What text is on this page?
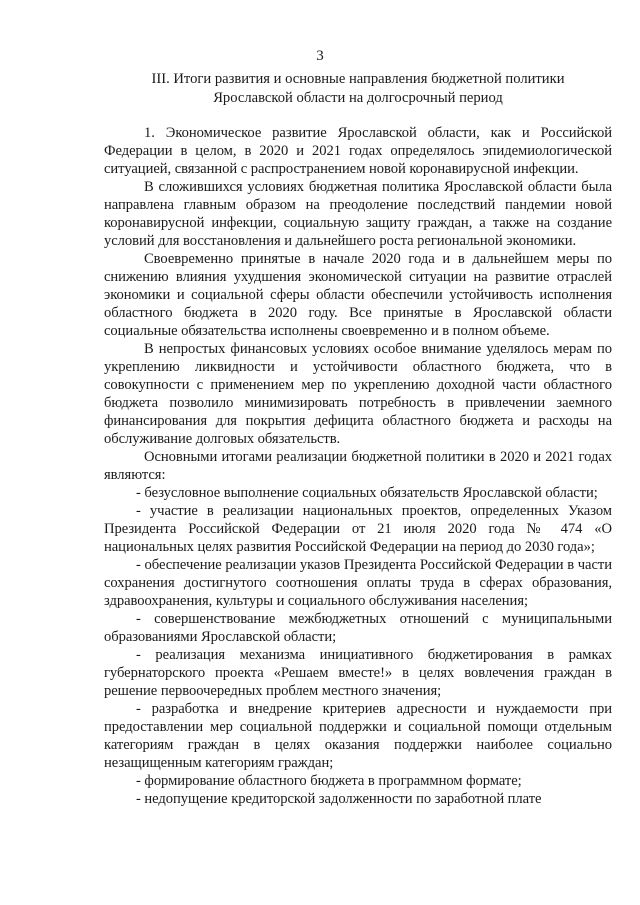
3
III. Итоги развития и основные направления бюджетной политики
Ярославской области на долгосрочный период

1. Экономическое развитие Ярославской области, как и Российской Федерации в целом, в 2020 и 2021 годах определялось эпидемиологической ситуацией, связанной с распространением новой коронавирусной инфекции.

В сложившихся условиях бюджетная политика Ярославской области была направлена главным образом на преодоление последствий пандемии новой коронавирусной инфекции, социальную защиту граждан, а также на создание условий для восстановления и дальнейшего роста региональной экономики.

Своевременно принятые в начале 2020 года и в дальнейшем меры по снижению влияния ухудшения экономической ситуации на развитие отраслей экономики и социальной сферы области обеспечили устойчивость исполнения областного бюджета в 2020 году. Все принятые в Ярославской области социальные обязательства исполнены своевременно и в полном объеме.

В непростых финансовых условиях особое внимание уделялось мерам по укреплению ликвидности и устойчивости областного бюджета, что в совокупности с применением мер по укреплению доходной части областного бюджета позволило минимизировать потребность в привлечении заемного финансирования для покрытия дефицита областного бюджета и расходы на обслуживание долговых обязательств.

Основными итогами реализации бюджетной политики в 2020 и 2021 годах являются:

- безусловное выполнение социальных обязательств Ярославской области;

- участие в реализации национальных проектов, определенных Указом Президента Российской Федерации от 21 июля 2020 года № 474 «О национальных целях развития Российской Федерации на период до 2030 года»;

- обеспечение реализации указов Президента Российской Федерации в части сохранения достигнутого соотношения оплаты труда в сферах образования, здравоохранения, культуры и социального обслуживания населения;

- совершенствование межбюджетных отношений с муниципальными образованиями Ярославской области;

- реализация механизма инициативного бюджетирования в рамках губернаторского проекта «Решаем вместе!» в целях вовлечения граждан в решение первоочередных проблем местного значения;

- разработка и внедрение критериев адресности и нуждаемости при предоставлении мер социальной поддержки и социальной помощи отдельным категориям граждан в целях оказания поддержки наиболее социально незащищенным категориям граждан;

- формирование областного бюджета в программном формате;

- недопущение кредиторской задолженности по заработной плате
